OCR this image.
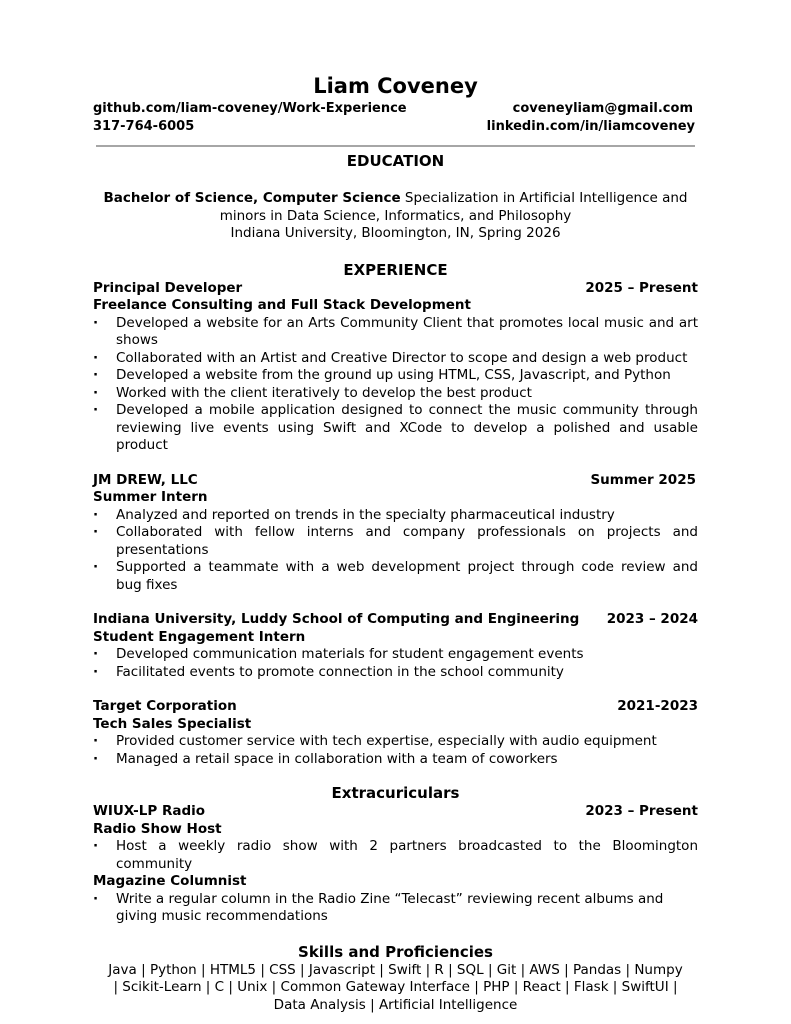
Liam Coveney
github.com/liam-coveney/Work-Experience	coveneyliam@gmail.com
317-764-6005	linkedin.com/in/liamcoveney
EDUCATION
Bachelor of Science, Computer Science Specialization in Artificial Intelligence and minors in Data Science, Informatics, and Philosophy
Indiana University, Bloomington, IN, Spring 2026
EXPERIENCE
Principal Developer	2025 – Present
Freelance Consulting and Full Stack Development
· Developed a website for an Arts Community Client that promotes local music and art shows
· Collaborated with an Artist and Creative Director to scope and design a web product
· Developed a website from the ground up using HTML, CSS, Javascript, and Python
· Worked with the client iteratively to develop the best product
· Developed a mobile application designed to connect the music community through reviewing live events using Swift and XCode to develop a polished and usable product
JM DREW, LLC	Summer 2025
Summer Intern
· Analyzed and reported on trends in the specialty pharmaceutical industry
· Collaborated with fellow interns and company professionals on projects and presentations
· Supported a teammate with a web development project through code review and bug fixes
Indiana University, Luddy School of Computing and Engineering 2023 – 2024
Student Engagement Intern
· Developed communication materials for student engagement events
· Facilitated events to promote connection in the school community
Target Corporation	2021-2023
Tech Sales Specialist
· Provided customer service with tech expertise, especially with audio equipment
· Managed a retail space in collaboration with a team of coworkers
Extracuriculars
WIUX-LP Radio	2023 – Present
Radio Show Host
· Host a weekly radio show with 2 partners broadcasted to the Bloomington community
Magazine Columnist
· Write a regular column in the Radio Zine “Telecast” reviewing recent albums and giving music recommendations
Skills and Proficiencies
Java | Python | HTML5 | CSS | Javascript | Swift | R | SQL | Git | AWS | Pandas | Numpy | Scikit-Learn | C | Unix | Common Gateway Interface | PHP | React | Flask | SwiftUI | Data Analysis | Artificial Intelligence
